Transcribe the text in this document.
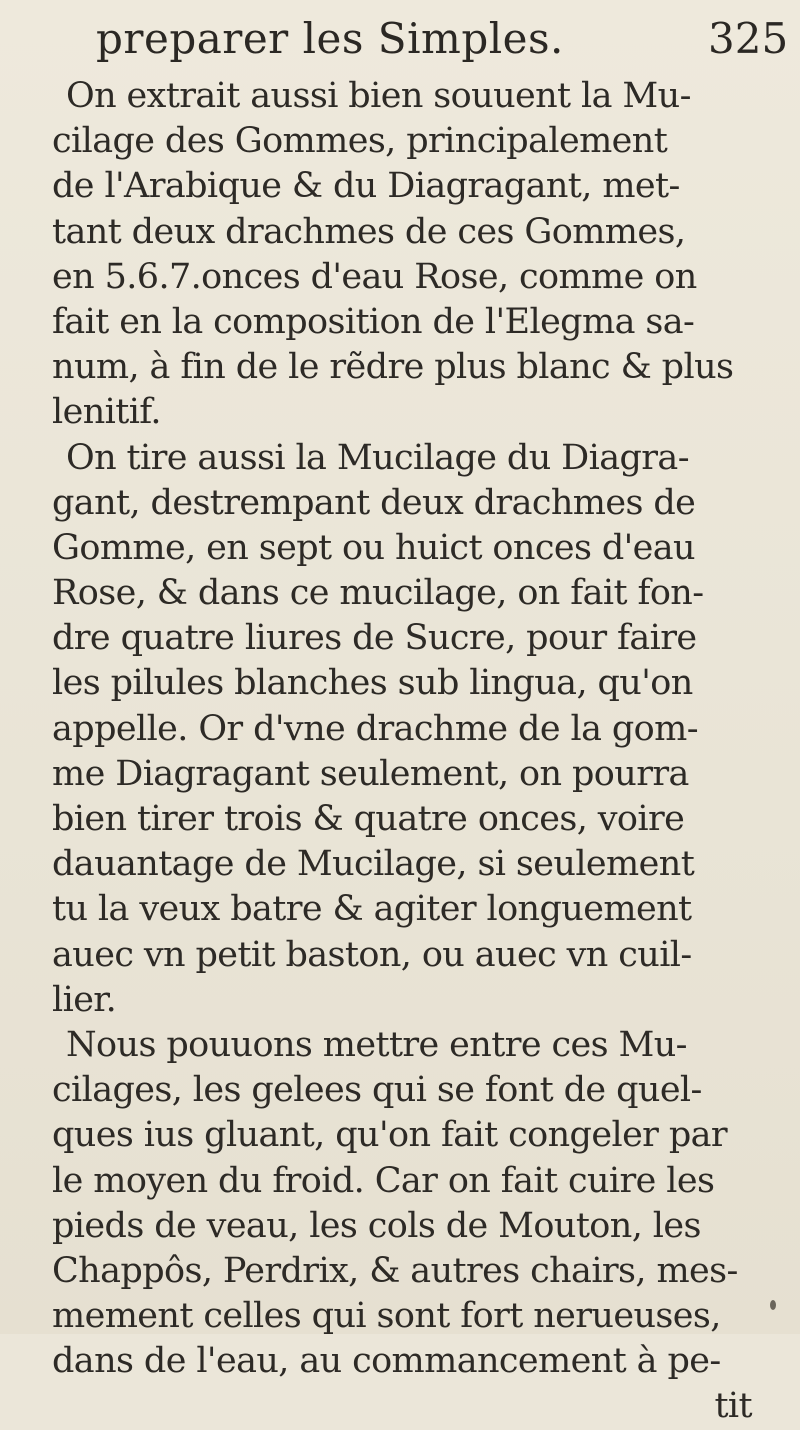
preparer les Simples.	325
On extrait aussi bien souuent la Mu-
cilage des Gommes, principalement
de l'Arabique & du Diagragant, met-
tant deux drachmes de ces Gommes,
en 5.6.7.onces d'eau Rose, comme on
fait en la composition de l'Elegma sa-
num, à fin de le rẽdre plus blanc & plus
lenitif.
On tire aussi la Mucilage du Diagra-
gant, destrempant deux drachmes de
Gomme, en sept ou huict onces d'eau
Rose, & dans ce mucilage, on fait fon-
dre quatre liures de Sucre, pour faire
les pilules blanches sub lingua, qu'on
appelle. Or d'vne drachme de la gom-
me Diagragant seulement, on pourra
bien tirer trois & quatre onces, voire
dauantage de Mucilage, si seulement
tu la veux batre & agiter longuement
auec vn petit baston, ou auec vn cuil-
lier.
Nous pouuons mettre entre ces Mu-
cilages, les gelees qui se font de quel-
ques ius gluant, qu'on fait congeler par
le moyen du froid. Car on fait cuire les
pieds de veau, les cols de Mouton, les
Chappôs, Perdrix, & autres chairs, mes-
mement celles qui sont fort nerueuses,
dans de l'eau, au commancement à pe-
tit
